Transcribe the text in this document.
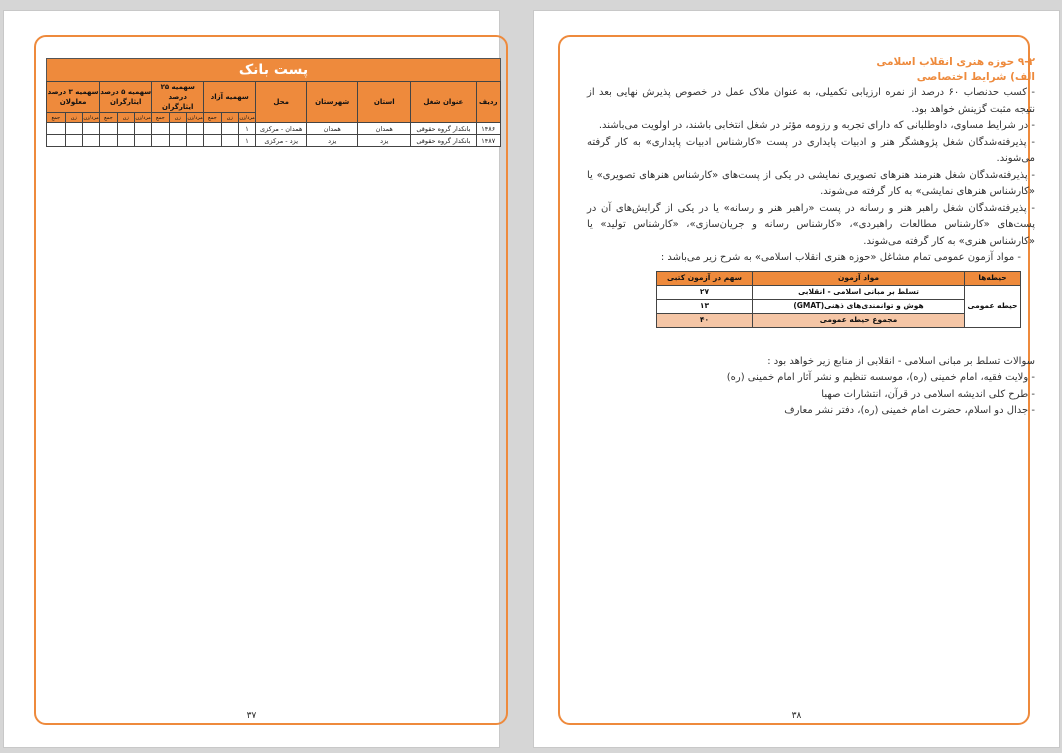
پست بانک
ردیف	عنوان شغل	استان	شهرستان	محل	سهمیه آزاد			سهمیه ۲۵ درصد ایثارگران			سهمیه ۵ درصد ایثارگران			سهمیه ۳ درصد معلولان		
					مرد/زن	زن	جمع	مرد/زن	زن	جمع	مرد/زن	زن	جمع	مرد/زن	زن	جمع
۱۴۸۶	بانکدار گروه حقوقی	همدان	همدان	همدان - مرکزی	۱											
۱۴۸۷	بانکدار گروه حقوقی	یزد	یزد	یزد - مرکزی	۱											
۳۷
۹-۲ حوزه هنری انقلاب اسلامی
الف) شرایط اختصاصی

- کسب حدنصاب ۶۰ درصد از نمره ارزیابی تکمیلی، به عنوان ملاک عمل در خصوص پذیرش نهایی بعد از نتیجه مثبت گزینش خواهد بود.

- در شرایط مساوی، داوطلبانی که دارای تجربه و رزومه مؤثر در شغل انتخابی باشند، در اولویت می‌باشند.

- پذیرفته‌شدگان شغل پژوهشگر هنر و ادبیات پایداری در پست «کارشناس ادبیات پایداری» به کار گرفته می‌شوند.

- پذیرفته‌شدگان شغل هنرمند هنرهای تصویری نمایشی در یکی از پست‌های «کارشناس هنرهای تصویری» یا «کارشناس هنرهای نمایشی» به کار گرفته می‌شوند.

- پذیرفته‌شدگان شغل راهبر هنر و رسانه در پست «راهبر هنر و رسانه» یا در یکی از گرایش‌های آن در پست‌های «کارشناس مطالعات راهبردی»، «کارشناس رسانه و جریان‌سازی»، «کارشناس تولید» یا «کارشناس هنری» به کار گرفته می‌شوند.

- مواد آزمون عمومی تمام مشاغل «حوزه هنری انقلاب اسلامی» به شرح زیر می‌باشد :

حیطه‌ها	مواد آزمون	سهم در آزمون کتبی
حیطه عمومی	تسلط بر مبانی اسلامی - انقلابی	۲۷
	هوش و توانمندی‌های ذهنی(GMAT)	۱۳
	مجموع حیطه عمومی	۴۰

سوالات تسلط بر مبانی اسلامی - انقلابی از منابع زیر خواهد بود :

- ولایت فقیه، امام خمینی (ره)، موسسه تنظیم و نشر آثار امام خمینی (ره)

- طرح کلی اندیشه اسلامی در قرآن، انتشارات صهبا

- جدال دو اسلام، حضرت امام خمینی (ره)، دفتر نشر معارف

۳۸
